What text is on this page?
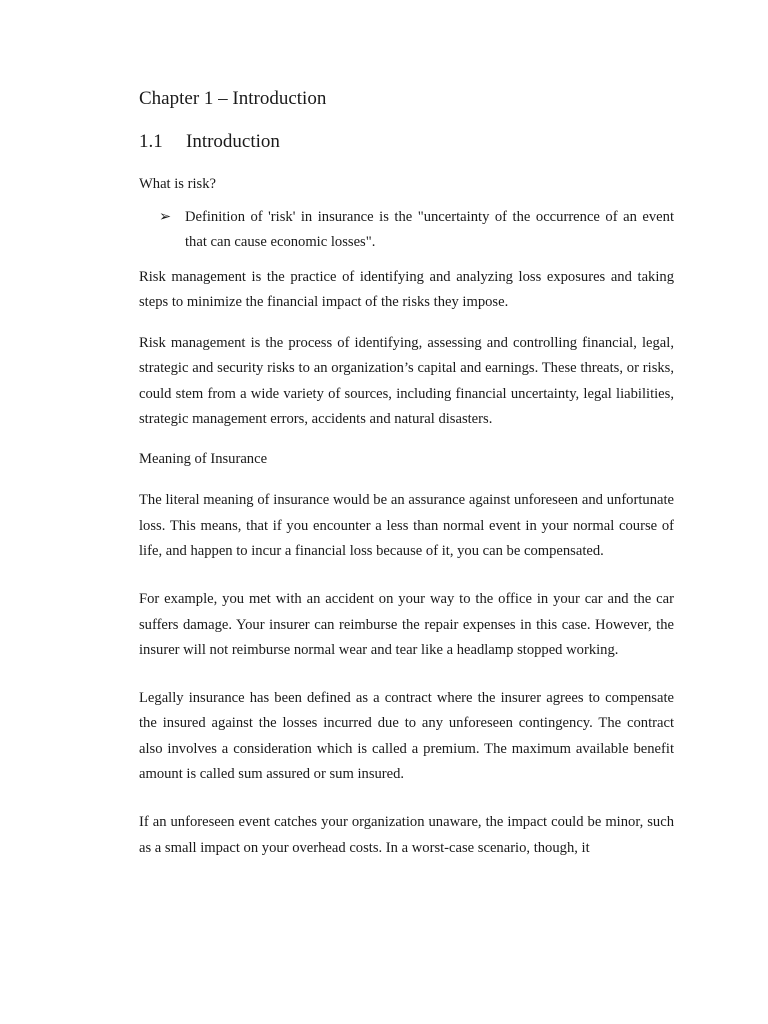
Chapter 1 – Introduction
1.1	Introduction

What is risk?

➢ Definition of 'risk' in insurance is the "uncertainty of the occurrence of an event that can cause economic losses".

Risk management is the practice of identifying and analyzing loss exposures and taking steps to minimize the financial impact of the risks they impose.

Risk management is the process of identifying, assessing and controlling financial, legal, strategic and security risks to an organization’s capital and earnings. These threats, or risks, could stem from a wide variety of sources, including financial uncertainty, legal liabilities, strategic management errors, accidents and natural disasters.

Meaning of Insurance

The literal meaning of insurance would be an assurance against unforeseen and unfortunate loss. This means, that if you encounter a less than normal event in your normal course of life, and happen to incur a financial loss because of it, you can be compensated.

For example, you met with an accident on your way to the office in your car and the car suffers damage. Your insurer can reimburse the repair expenses in this case. However, the insurer will not reimburse normal wear and tear like a headlamp stopped working.

Legally insurance has been defined as a contract where the insurer agrees to compensate the insured against the losses incurred due to any unforeseen contingency. The contract also involves a consideration which is called a premium. The maximum available benefit amount is called sum assured or sum insured.

If an unforeseen event catches your organization unaware, the impact could be minor, such as a small impact on your overhead costs. In a worst-case scenario, though, it
